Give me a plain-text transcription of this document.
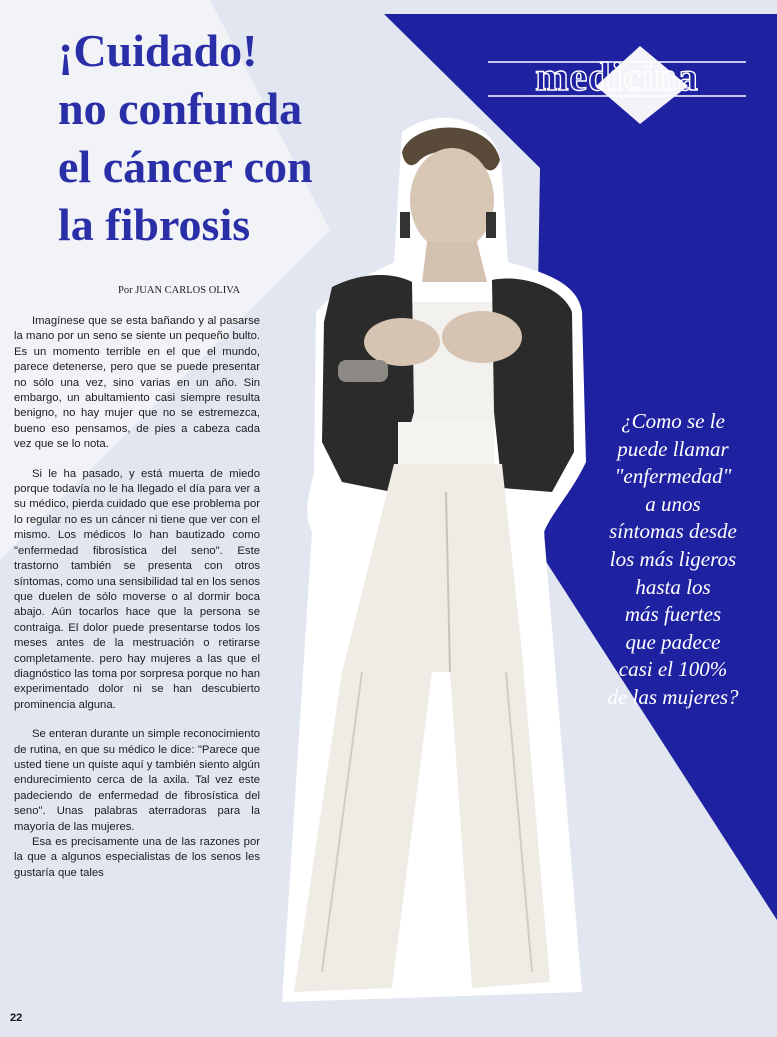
medicina
¡Cuidado!
no confunda
el cáncer con
la fibrosis
Por JUAN CARLOS OLIVA

Imagínese que se esta bañando y al pasarse la mano por un seno se siente un pequeño bulto. Es un momento terrible en el que el mundo, parece detenerse, pero que se puede presentar no sólo una vez, sino varias en un año. Sin embargo, un abultamiento casi siempre resulta benigno, no hay mujer que no se estremezca, bueno eso pensamos, de pies a cabeza cada vez que se lo nota.

Si le ha pasado, y está muerta de miedo porque todavía no le ha llegado el día para ver a su médico, pierda cuidado que ese problema por lo regular no es un cáncer ni tiene que ver con el mismo. Los médicos lo han bautizado como "enfermedad fibrosística del seno". Este trastorno también se presenta con otros síntomas, como una sensibilidad tal en los senos que duelen de sólo moverse o al dormir boca abajo. Aún tocarlos hace que la persona se contraiga. El dolor puede presentarse todos los meses antes de la mestruación o retirarse completamente. pero hay mujeres a las que el diagnóstico las toma por sorpresa porque no han experimentado dolor ni se han descubierto prominencia alguna.

Se enteran durante un simple reconocimiento de rutina, en que su médico le dice: "Parece que usted tiene un quiste aquí y también siento algún endurecimiento cerca de la axila. Tal vez este padeciendo de enfermedad de fibrosística del seno". Unas palabras aterradoras para la mayoría de las mujeres.

Esa es precisamente una de las razones por la que a algunos especialistas de los senos les gustaría que tales

¿Como se le
puede llamar
"enfermedad"
a unos
síntomas desde
los más ligeros
hasta los
más fuertes
que padece
casi el 100%
de las mujeres?
22
